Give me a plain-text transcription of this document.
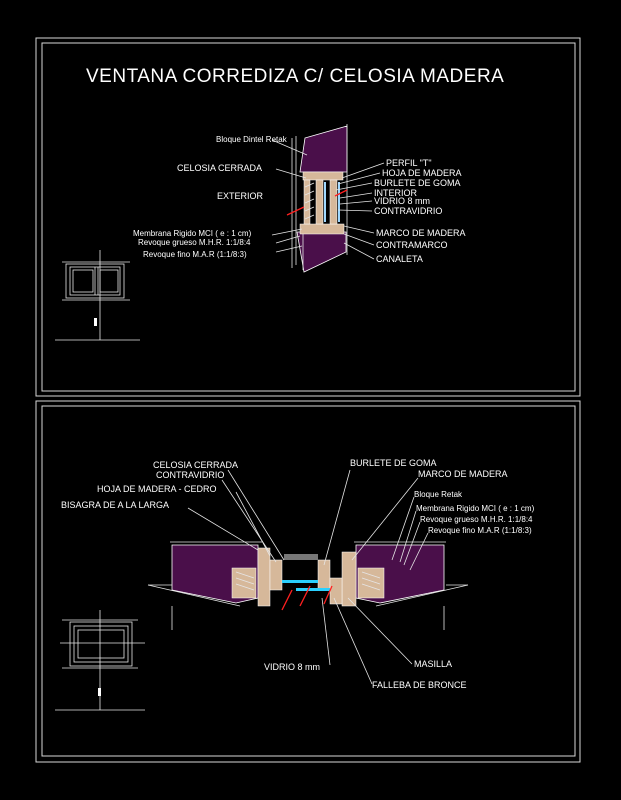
VENTANA CORREDIZA C/ CELOSIA MADERA
Bloque Dintel Retak
CELOSIA CERRADA
EXTERIOR
Membrana Rigido MCI ( e : 1 cm)
Revoque grueso M.H.R. 1:1/8:4
Revoque fino M.A.R (1:1/8:3)
PERFIL "T"
HOJA DE MADERA
BURLETE DE GOMA
INTERIOR
VIDRIO 8 mm
CONTRAVIDRIO
MARCO DE MADERA
CONTRAMARCO
CANALETA
CELOSIA CERRADA
CONTRAVIDRIO
HOJA DE MADERA - CEDRO
BISAGRA DE A LA LARGA
BURLETE DE GOMA
MARCO DE MADERA
Bloque Retak
Membrana Rigido MCI ( e : 1 cm)
Revoque grueso M.H.R. 1:1/8:4
Revoque fino M.A.R (1:1/8:3)
VIDRIO 8 mm	MASILLA
FALLEBA DE BRONCE
